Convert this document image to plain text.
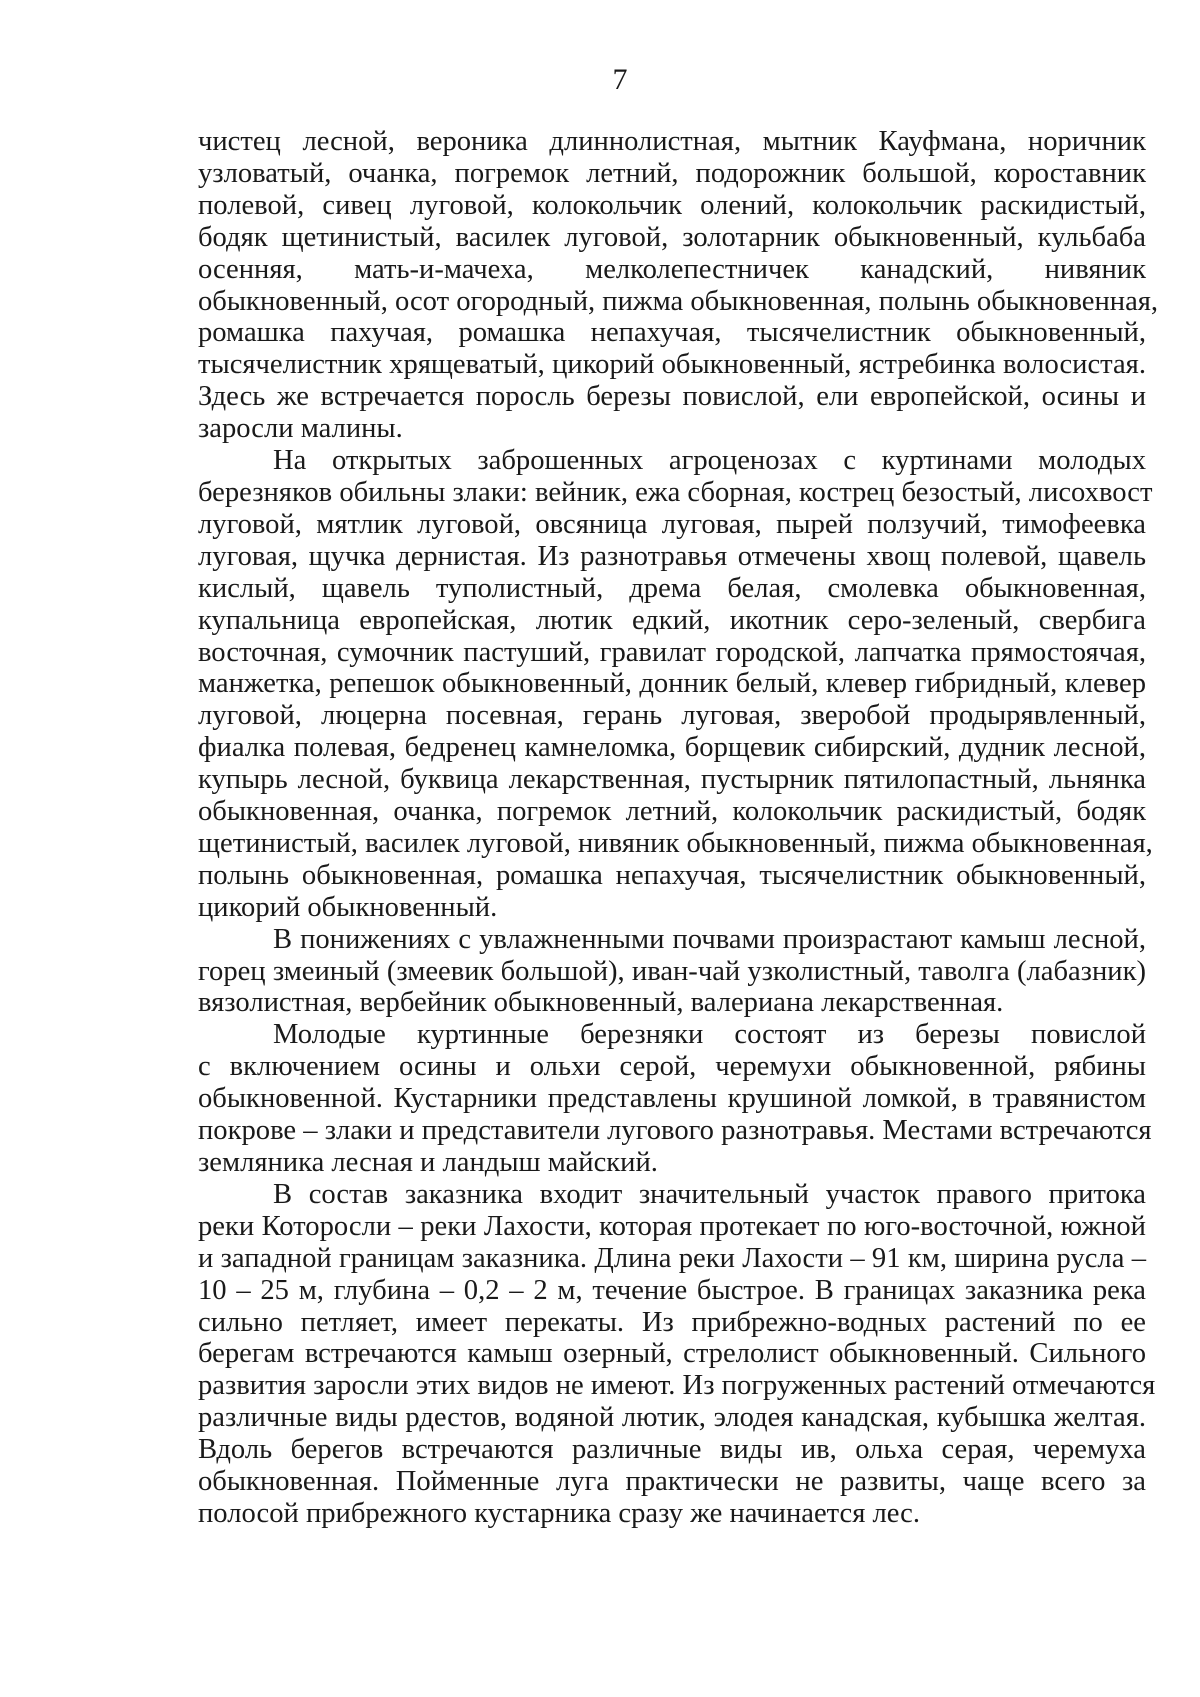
7

чистец лесной, вероника длиннолистная, мытник Кауфмана, норичник
узловатый, очанка, погремок летний, подорожник большой, короставник
полевой, сивец луговой, колокольчик олений, колокольчик раскидистый,
бодяк щетинистый, василек луговой, золотарник обыкновенный, кульбаба
осенняя, мать-и-мачеха, мелколепестничек канадский, нивяник
обыкновенный, осот огородный, пижма обыкновенная, полынь обыкновенная,
ромашка пахучая, ромашка непахучая, тысячелистник обыкновенный,
тысячелистник хрящеватый, цикорий обыкновенный, ястребинка волосистая.
Здесь же встречается поросль березы повислой, ели европейской, осины и
заросли малины.

На открытых заброшенных агроценозах с куртинами молодых
березняков обильны злаки: вейник, ежа сборная, кострец безостый, лисохвост
луговой, мятлик луговой, овсяница луговая, пырей ползучий, тимофеевка
луговая, щучка дернистая. Из разнотравья отмечены хвощ полевой, щавель
кислый, щавель туполистный, дрема белая, смолевка обыкновенная,
купальница европейская, лютик едкий, икотник серо-зеленый, свербига
восточная, сумочник пастуший, гравилат городской, лапчатка прямостоячая,
манжетка, репешок обыкновенный, донник белый, клевер гибридный, клевер
луговой, люцерна посевная, герань луговая, зверобой продырявленный,
фиалка полевая, бедренец камнеломка, борщевик сибирский, дудник лесной,
купырь лесной, буквица лекарственная, пустырник пятилопастный, льнянка
обыкновенная, очанка, погремок летний, колокольчик раскидистый, бодяк
щетинистый, василек луговой, нивяник обыкновенный, пижма обыкновенная,
полынь обыкновенная, ромашка непахучая, тысячелистник обыкновенный,
цикорий обыкновенный.

В понижениях с увлажненными почвами произрастают камыш лесной,
горец змеиный (змеевик большой), иван-чай узколистный, таволга (лабазник)
вязолистная, вербейник обыкновенный, валериана лекарственная.

Молодые куртинные березняки состоят из березы повислой
с включением осины и ольхи серой, черемухи обыкновенной, рябины
обыкновенной. Кустарники представлены крушиной ломкой, в травянистом
покрове – злаки и представители лугового разнотравья. Местами встречаются
земляника лесная и ландыш майский.

В состав заказника входит значительный участок правого притока
реки Которосли – реки Лахости, которая протекает по юго-восточной, южной
и западной границам заказника. Длина реки Лахости – 91 км, ширина русла –
10 – 25 м, глубина – 0,2 – 2 м, течение быстрое. В границах заказника река
сильно петляет, имеет перекаты. Из прибрежно-водных растений по ее
берегам встречаются камыш озерный, стрелолист обыкновенный. Сильного
развития заросли этих видов не имеют. Из погруженных растений отмечаются
различные виды рдестов, водяной лютик, элодея канадская, кубышка желтая.
Вдоль берегов встречаются различные виды ив, ольха серая, черемуха
обыкновенная. Пойменные луга практически не развиты, чаще всего за
полосой прибрежного кустарника сразу же начинается лес.
